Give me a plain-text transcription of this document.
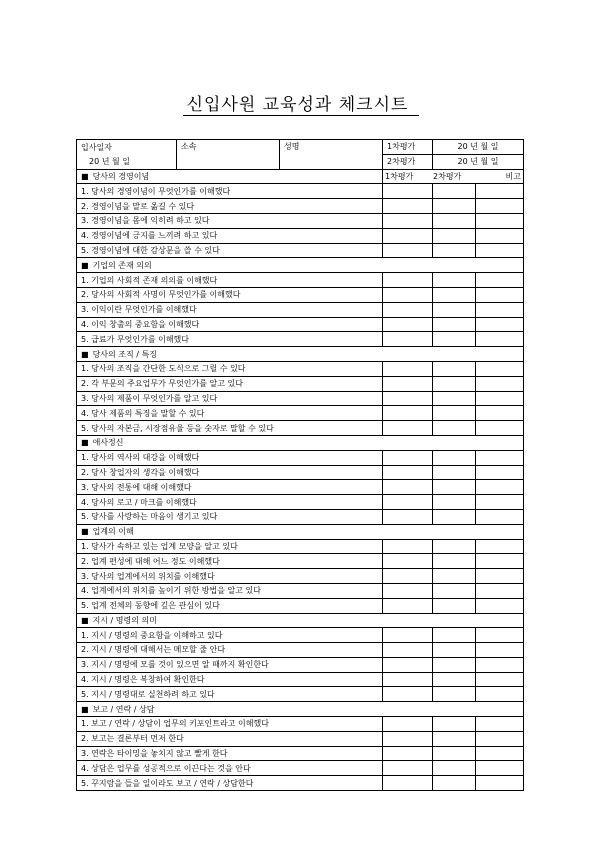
신입사원 교육성과 체크시트
입사일자	소속	성명	1차평가	20 년 월 일
20 년 월 일			2차평가	20 년 월 일
■ 당사의 경영이념			1차평가 2차평가 비고	
1. 당사의 경영이념이 무엇인가를 이해했다				

2. 경영이념을 말로 옮길 수 있다				

3. 경영이념을 몸에 익히려 하고 있다				

4. 경영이념에 긍지를 느끼려 하고 있다				

5. 경영이념에 대한 감상문을 쓸 수 있다				

■ 기업의 존재 의의				
1. 기업의 사회적 존재 의의를 이해했다				

2. 당사의 사회적 사명이 무엇인가를 이해했다				

3. 이익이란 무엇인가를 이해했다				

4. 이익 창출의 중요함을 이해했다				

5. 급료가 무엇인가를 이해했다				

■ 당사의 조직 / 특징				
1. 당사의 조직을 간단한 도식으로 그릴 수 있다				

2. 각 부문의 주요업무가 무엇인가를 알고 있다				

3. 당사의 제품이 무엇인가를 알고 있다				

4. 당사 제품의 특징을 말할 수 있다				

5. 당사의 자본금, 시장점유율 등을 숫자로 말할 수 있다				

■ 애사정신				
1. 당사의 역사의 대강을 이해했다				

2. 당사 창업자의 생각을 이해했다				

3. 당사의 전통에 대해 이해했다				

4. 당사의 로고 / 마크를 이해했다				

5. 당사를 사랑하는 마음이 생기고 있다				

■ 업계의 이해				
1. 당사가 속하고 있는 업계 모양을 알고 있다				

2. 업계 편성에 대해 어느 정도 이해했다				

3. 당사의 업계에서의 위치를 이해했다				

4. 업계에서의 위치를 높이기 위한 방법을 알고 있다				

5. 업계 전체의 동향에 깊은 관심이 있다				

■ 지시 / 명령의 의미				
1. 지시 / 명령의 중요함을 이해하고 있다				

2. 지시 / 명령에 대해서는 메모할 줄 안다				

3. 지시 / 명령에 모를 것이 있으면 알 때까지 확인한다				

4. 지시 / 명령은 복창하여 확인한다				

5. 지시 / 명령대로 실천하려 하고 있다				

■ 보고 / 연락 / 상담				
1. 보고 / 연락 / 상담이 업무의 키포인트라고 이해했다				

2. 보고는 결론부터 먼저 한다				

3. 연락은 타이밍을 놓치지 않고 빨게 한다				

4. 상담은 업무를 성공적으로 이끈다는 것을 안다				

5. 꾸지람을 들을 일이라도 보고 / 연락 / 상담한다				
